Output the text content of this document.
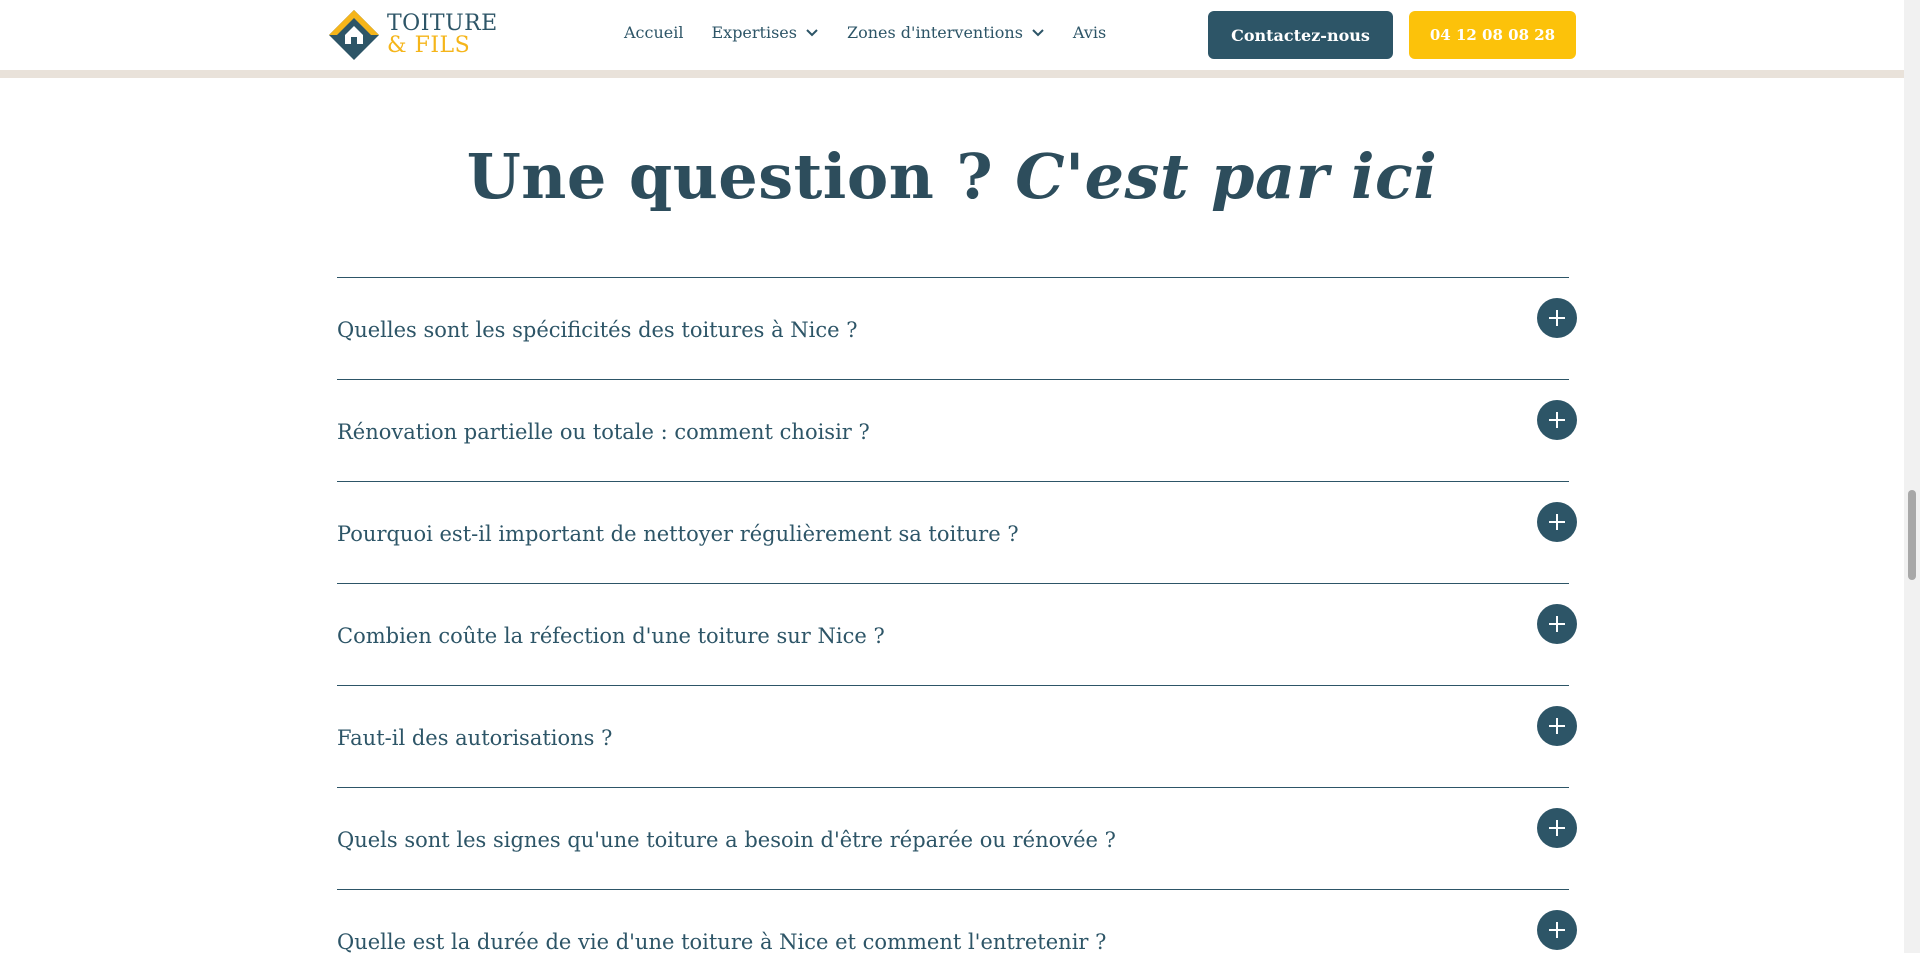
TOITURE
& FILS
Accueil Expertises	Zones d'interventions	Avis	Contactez-nous	04 12 08 08 28
Une question ? C'est par ici
Quelles sont les spécificités des toitures à Nice ?
Rénovation partielle ou totale : comment choisir ?
Pourquoi est-il important de nettoyer régulièrement sa toiture ?
Combien coûte la réfection d'une toiture sur Nice ?
Faut-il des autorisations ?
Quels sont les signes qu'une toiture a besoin d'être réparée ou rénovée ?
Quelle est la durée de vie d'une toiture à Nice et comment l'entretenir ?
